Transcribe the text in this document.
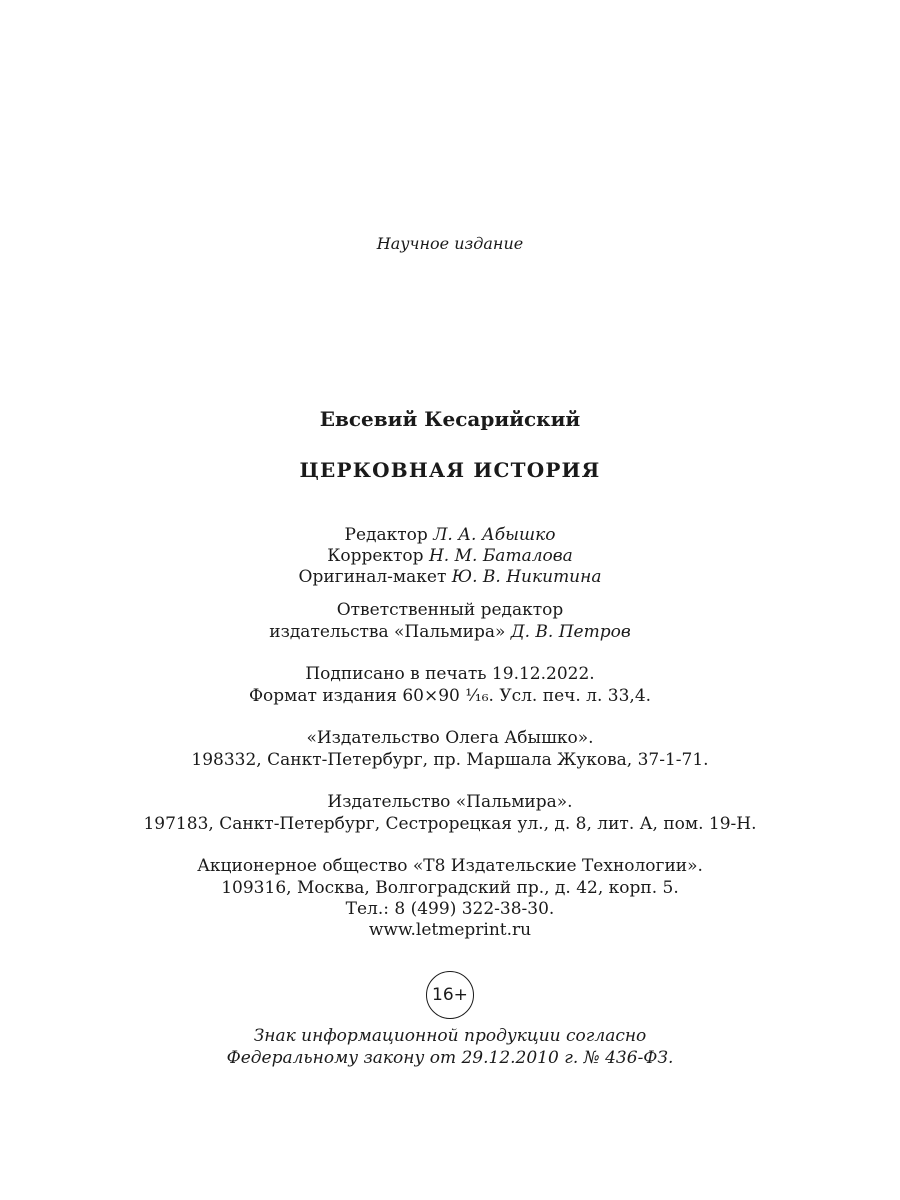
Научное издание
Евсевий Кесарийский
ЦЕРКОВНАЯ ИСТОРИЯ
Редактор Л. А. Абышко
Корректор Н. М. Баталова
Оригинал-макет Ю. В. Никитина
Ответственный редактор
издательства «Пальмира» Д. В. Петров
Подписано в печать 19.12.2022.
Формат издания 60×90 ¹⁄₁₆. Усл. печ. л. 33,4.
«Издательство Олега Абышко».
198332, Санкт-Петербург, пр. Маршала Жукова, 37-1-71.
Издательство «Пальмира».
197183, Санкт-Петербург, Сестрорецкая ул., д. 8, лит. А, пом. 19-Н.
Акционерное общество «Т8 Издательские Технологии».
109316, Москва, Волгоградский пр., д. 42, корп. 5.
Тел.: 8 (499) 322-38-30.
www.letmeprint.ru
16+
Знак информационной продукции согласно
Федеральному закону от 29.12.2010 г. № 436-ФЗ.
